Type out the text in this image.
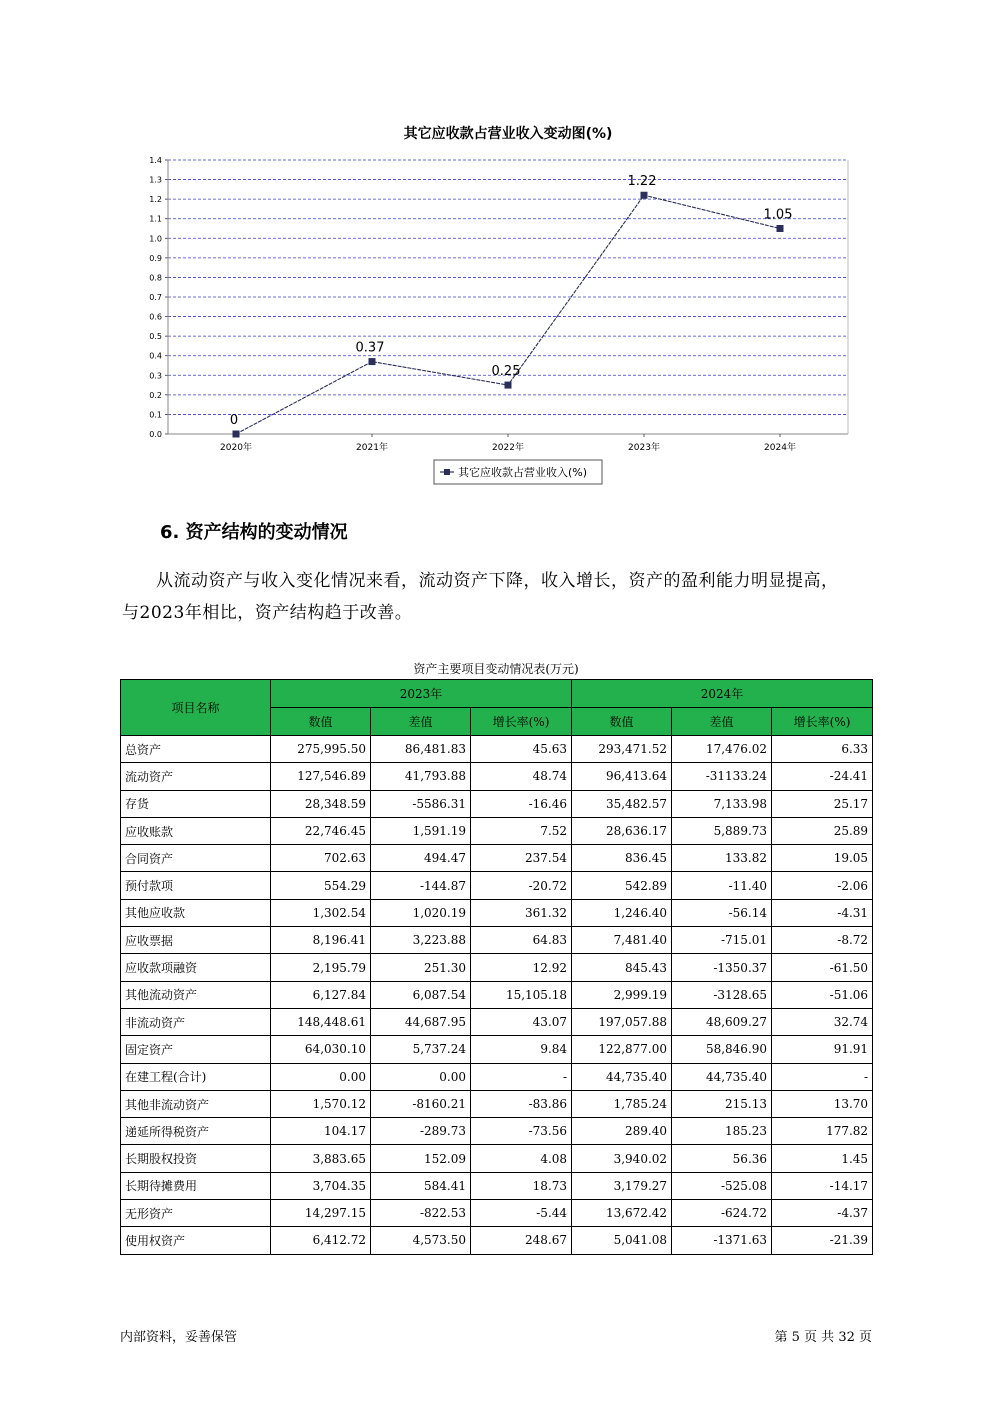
其它应收款占营业收入变动图(%)
0.0
0.1
0.2
0.3
0.4
0.5
0.6
0.7
0.8
0.9
1.0
1.1
1.2
1.3
1.4
2020年	2021年	2022年	2023年	2024年
0
0.37
0.25
1.22
1.05
其它应收款占营业收入(%)
6. 资产结构的变动情况
从流动资产与收入变化情况来看，流动资产下降，收入增长，资产的盈利能力明显提高，
与2023年相比，资产结构趋于改善。
资产主要项目变动情况表(万元)
项目名称	2023年			2024年		
	数值	差值	增长率(%)	数值	差值	增长率(%)
总资产	275,995.50	86,481.83	45.63	293,471.52	17,476.02	6.33
流动资产	127,546.89	41,793.88	48.74	96,413.64	-31133.24	-24.41
存货	28,348.59	-5586.31	-16.46	35,482.57	7,133.98	25.17
应收账款	22,746.45	1,591.19	7.52	28,636.17	5,889.73	25.89
合同资产	702.63	494.47	237.54	836.45	133.82	19.05
预付款项	554.29	-144.87	-20.72	542.89	-11.40	-2.06
其他应收款	1,302.54	1,020.19	361.32	1,246.40	-56.14	-4.31
应收票据	8,196.41	3,223.88	64.83	7,481.40	-715.01	-8.72
应收款项融资	2,195.79	251.30	12.92	845.43	-1350.37	-61.50
其他流动资产	6,127.84	6,087.54	15,105.18	2,999.19	-3128.65	-51.06
非流动资产	148,448.61	44,687.95	43.07	197,057.88	48,609.27	32.74
固定资产	64,030.10	5,737.24	9.84	122,877.00	58,846.90	91.91
在建工程(合计)	0.00	0.00	-	44,735.40	44,735.40	-
其他非流动资产	1,570.12	-8160.21	-83.86	1,785.24	215.13	13.70
递延所得税资产	104.17	-289.73	-73.56	289.40	185.23	177.82
长期股权投资	3,883.65	152.09	4.08	3,940.02	56.36	1.45
长期待摊费用	3,704.35	584.41	18.73	3,179.27	-525.08	-14.17
无形资产	14,297.15	-822.53	-5.44	13,672.42	-624.72	-4.37
使用权资产	6,412.72	4,573.50	248.67	5,041.08	-1371.63	-21.39
内部资料，妥善保管	第 5 页 共 32 页
